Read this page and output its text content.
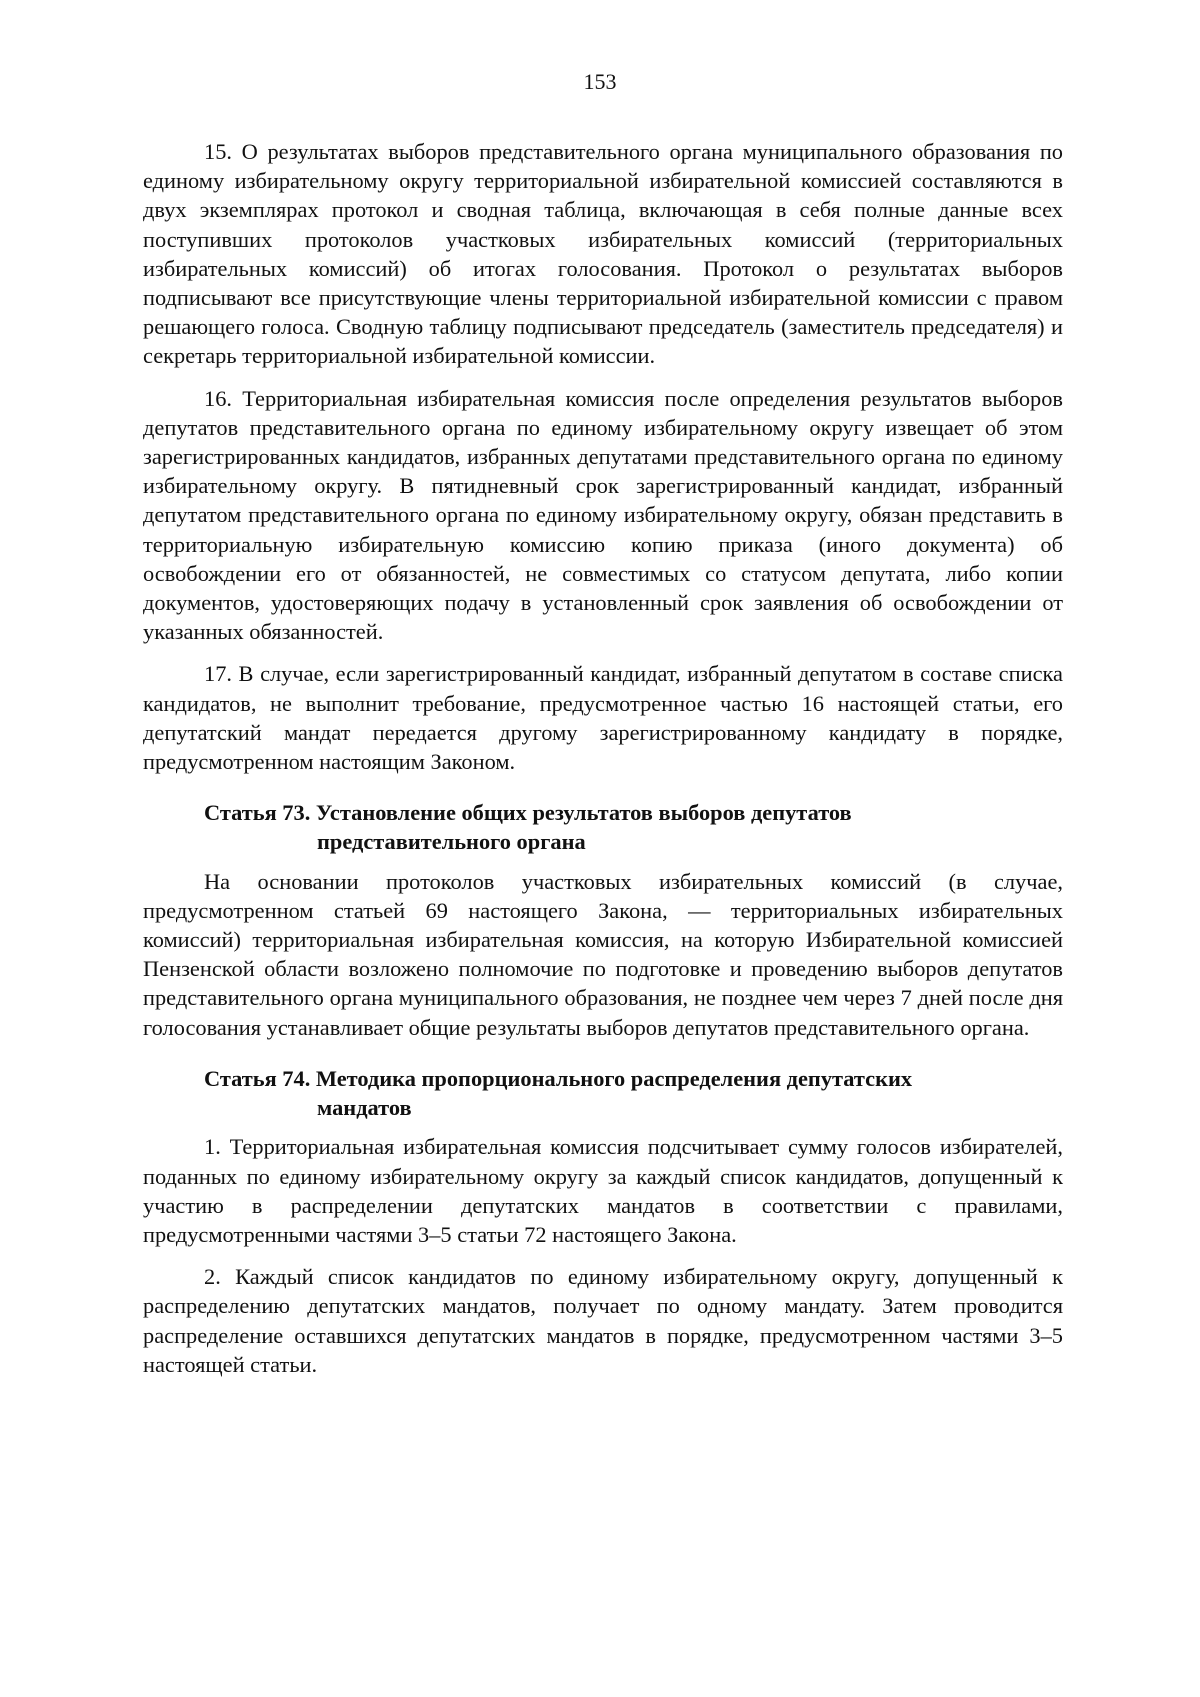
153

15. О результатах выборов представительного органа муниципального образования по единому избирательному округу территориальной избирательной комиссией составляются в двух экземплярах протокол и сводная таблица, включающая в себя полные данные всех поступивших протоколов участковых избирательных комиссий (территориальных избирательных комиссий) об итогах голосования. Протокол о результатах выборов подписывают все присутствующие члены территориальной избирательной комиссии с правом решающего голоса. Сводную таблицу подписывают председатель (заместитель председателя) и секретарь территориальной избирательной комиссии.

16. Территориальная избирательная комиссия после определения результатов выборов депутатов представительного органа по единому избирательному округу извещает об этом зарегистрированных кандидатов, избранных депутатами представительного органа по единому избирательному округу. В пятидневный срок зарегистрированный кандидат, избранный депутатом представительного органа по единому избирательному округу, обязан представить в территориальную избирательную комиссию копию приказа (иного документа) об освобождении его от обязанностей, не совместимых со статусом депутата, либо копии документов, удостоверяющих подачу в установленный срок заявления об освобождении от указанных обязанностей.

17. В случае, если зарегистрированный кандидат, избранный депутатом в составе списка кандидатов, не выполнит требование, предусмотренное частью 16 настоящей статьи, его депутатский мандат передается другому зарегистрированному кандидату в порядке, предусмотренном настоящим Законом.

Статья 73. Установление общих результатов выборов депутатов
представительного органа

На основании протоколов участковых избирательных комиссий (в случае, предусмотренном статьей 69 настоящего Закона, — территориальных избирательных комиссий) территориальная избирательная комиссия, на которую Избирательной комиссией Пензенской области возложено полномочие по подготовке и проведению выборов депутатов представительного органа муниципального образования, не позднее чем через 7 дней после дня голосования устанавливает общие результаты выборов депутатов представительного органа.

Статья 74. Методика пропорционального распределения депутатских
мандатов

1. Территориальная избирательная комиссия подсчитывает сумму голосов избирателей, поданных по единому избирательному округу за каждый список кандидатов, допущенный к участию в распределении депутатских мандатов в соответствии с правилами, предусмотренными частями 3–5 статьи 72 настоящего Закона.

2. Каждый список кандидатов по единому избирательному округу, допущенный к распределению депутатских мандатов, получает по одному мандату. Затем проводится распределение оставшихся депутатских мандатов в порядке, предусмотренном частями 3–5 настоящей статьи.
